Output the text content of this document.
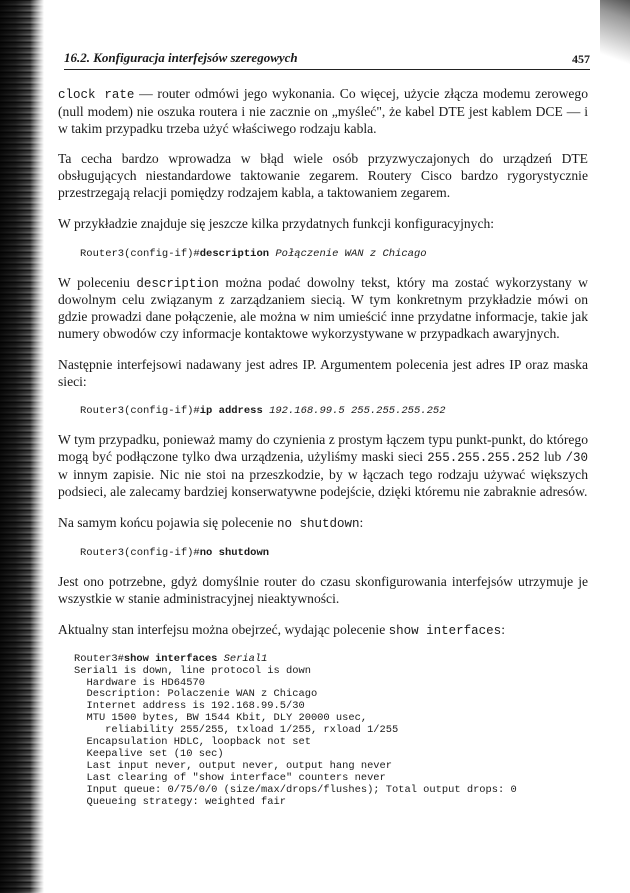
16.2. Konfiguracja interfejsów szeregowych	457

clock rate — router odmówi jego wykonania. Co więcej, użycie złącza modemu zerowego (null modem) nie oszuka routera i nie zacznie on „myśleć", że kabel DTE jest kablem DCE — i w takim przypadku trzeba użyć właściwego rodzaju kabla.

Ta cecha bardzo wprowadza w błąd wiele osób przyzwyczajonych do urządzeń DTE obsługujących niestandardowe taktowanie zegarem. Routery Cisco bardzo rygorystycznie przestrzegają relacji pomiędzy rodzajem kabla, a taktowaniem zegarem.

W przykładzie znajduje się jeszcze kilka przydatnych funkcji konfiguracyjnych:

Router3(config-if)#description Połączenie WAN z Chicago

W poleceniu description można podać dowolny tekst, który ma zostać wykorzystany w dowolnym celu związanym z zarządzaniem siecią. W tym konkretnym przykładzie mówi on gdzie prowadzi dane połączenie, ale można w nim umieścić inne przydatne informacje, takie jak numery obwodów czy informacje kontaktowe wykorzystywane w przypadkach awaryjnych.

Następnie interfejsowi nadawany jest adres IP. Argumentem polecenia jest adres IP oraz maska sieci:

Router3(config-if)#ip address 192.168.99.5 255.255.255.252

W tym przypadku, ponieważ mamy do czynienia z prostym łączem typu punkt-punkt, do którego mogą być podłączone tylko dwa urządzenia, użyliśmy maski sieci 255.255.255.252 lub /30 w innym zapisie. Nic nie stoi na przeszkodzie, by w łączach tego rodzaju używać większych podsieci, ale zalecamy bardziej konserwatywne podejście, dzięki któremu nie zabraknie adresów.

Na samym końcu pojawia się polecenie no shutdown:

Router3(config-if)#no shutdown

Jest ono potrzebne, gdyż domyślnie router do czasu skonfigurowania interfejsów utrzymuje je wszystkie w stanie administracyjnej nieaktywności.

Aktualny stan interfejsu można obejrzeć, wydając polecenie show interfaces:

Router3#show interfaces Serial1
Serial1 is down, line protocol is down
Hardware is HD64570
Description: Polaczenie WAN z Chicago
Internet address is 192.168.99.5/30
MTU 1500 bytes, BW 1544 Kbit, DLY 20000 usec,
reliability 255/255, txload 1/255, rxload 1/255
Encapsulation HDLC, loopback not set
Keepalive set (10 sec)
Last input never, output never, output hang never
Last clearing of "show interface" counters never
Input queue: 0/75/0/0 (size/max/drops/flushes); Total output drops: 0
Queueing strategy: weighted fair
